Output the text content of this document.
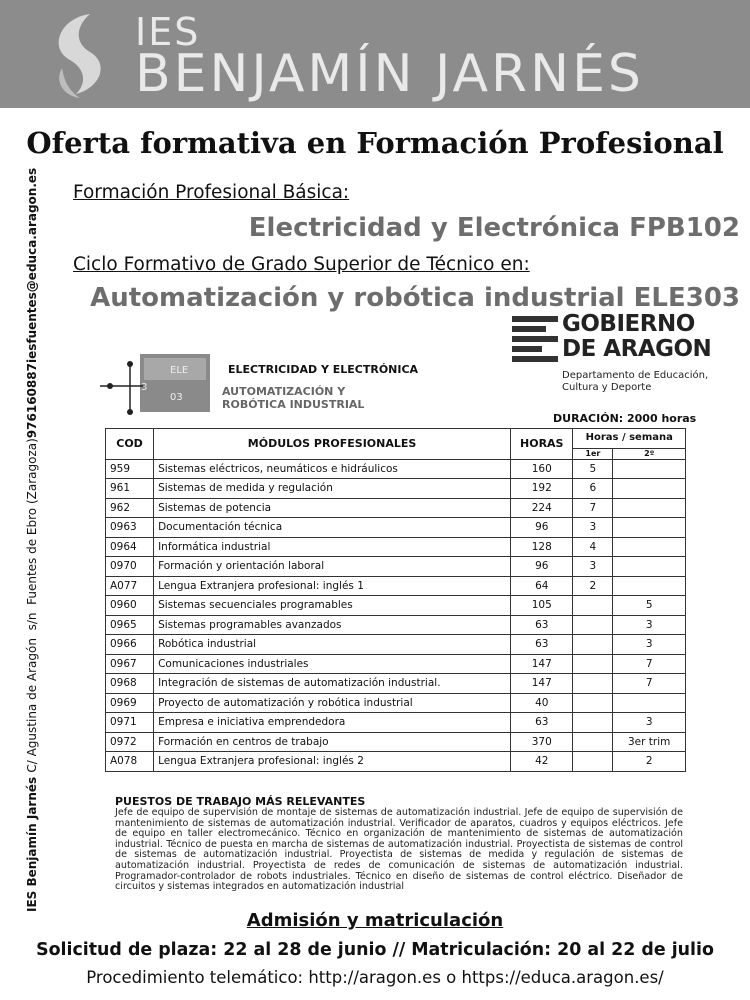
IES
BENJAMÍN JARNÉS
Oferta formativa en Formación Profesional
IES Benjamín Jarnés

C/ Agustina de Aragón  s/n  Fuentes de Ebro (Zaragoza)
976160887
iesfuentes@educa.aragon.es Formación Profesional Básica:
Electricidad y Electrónica FPB102
Ciclo Formativo de Grado Superior de Técnico en:
Automatización y robótica industrial ELE303
GOBIERNO
DE ARAGON
Departamento de Educación,
Cultura y Deporte
ELE
3
03
ELECTRICIDAD Y ELECTRÓNICA
AUTOMATIZACIÓN Y
ROBÓTICA INDUSTRIAL
DURACIÓN: 2000 horas
COD	MÓDULOS PROFESIONALES	HORAS	Horas / semana	
			1er	2º
959	Sistemas eléctricos, neumáticos e hidráulicos	160	5	
961	Sistemas de medida y regulación	192	6	
962	Sistemas de potencia	224	7	
0963	Documentación técnica	96	3	
0964	Informática industrial	128	4	
0970	Formación y orientación laboral	96	3	
A077	Lengua Extranjera profesional: inglés 1	64	2	
0960	Sistemas secuenciales programables	105		5
0965	Sistemas programables avanzados	63		3
0966	Robótica industrial	63		3
0967	Comunicaciones industriales	147		7
0968	Integración de sistemas de automatización industrial.	147		7
0969	Proyecto de automatización y robótica industrial	40		
0971	Empresa e iniciativa emprendedora	63		3
0972	Formación en centros de trabajo	370		3er trim
A078	Lengua Extranjera profesional: inglés 2	42		2
PUESTOS DE TRABAJO MÁS RELEVANTES
Jefe de equipo de supervisión de montaje de sistemas de automatización industrial. Jefe de equipo de supervisión de mantenimiento de sistemas de automatización industrial. Verificador de aparatos, cuadros y equipos eléctricos. Jefe de equipo en taller electromecánico. Técnico en organización de mantenimiento de sistemas de automatización industrial. Técnico de puesta en marcha de sistemas de automatización industrial. Proyectista de sistemas de control de sistemas de automatización industrial. Proyectista de sistemas de medida y regulación de sistemas de automatización industrial. Proyectista de redes de comunicación de sistemas de automatización industrial. Programador-controlador de robots industriales. Técnico en diseño de sistemas de control eléctrico. Diseñador de circuitos y sistemas integrados en automatización industrial
Admisión y matriculación
Solicitud de plaza: 22 al 28 de junio // Matriculación: 20 al 22 de julio
Procedimiento telemático: http://aragon.es o https://educa.aragon.es/
